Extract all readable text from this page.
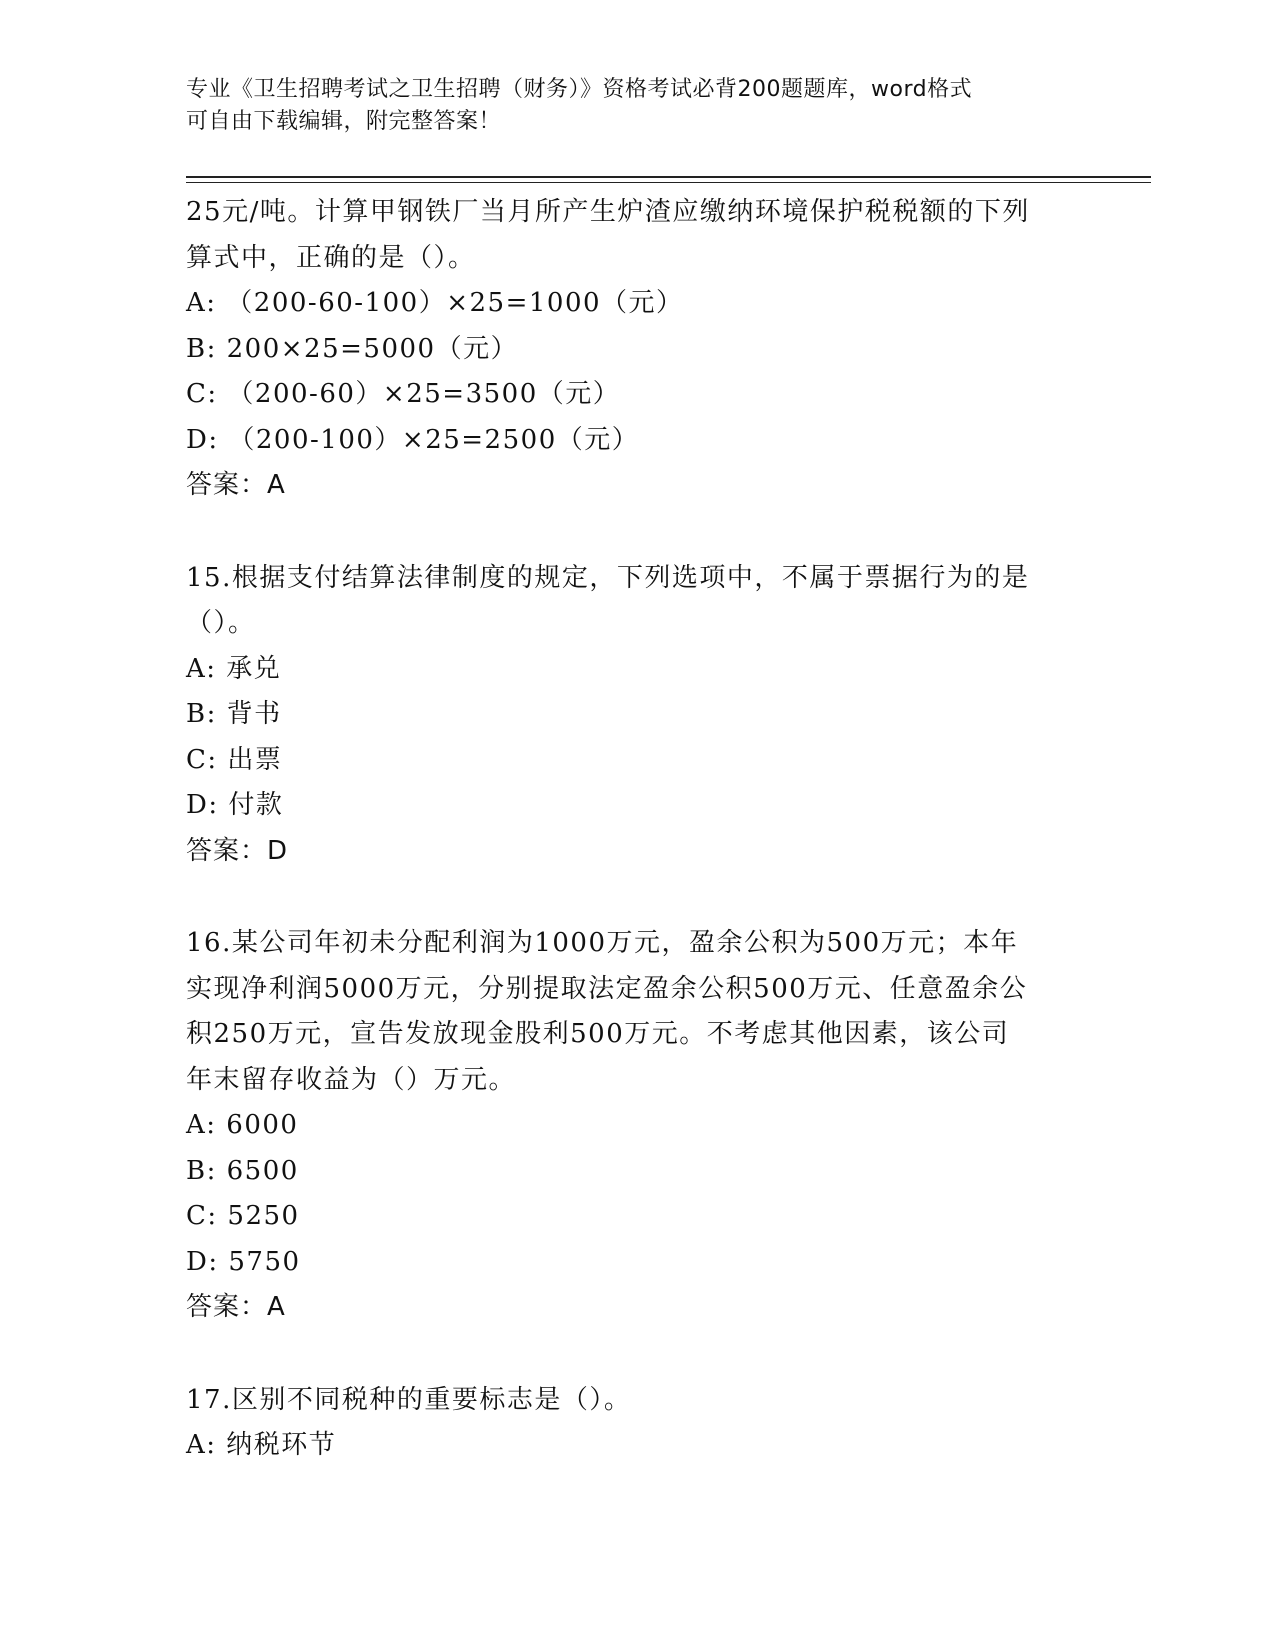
专业《卫生招聘考试之卫生招聘（财务）》资格考试必背200题题库，word格式
可自由下载编辑，附完整答案！
25元/吨。计算甲钢铁厂当月所产生炉渣应缴纳环境保护税税额的下列
算式中，正确的是（）。
A: （200-60-100）×25=1000（元）
B: 200×25=5000（元）
C: （200-60）×25=3500（元）
D: （200-100）×25=2500（元）
答案：A
15.根据支付结算法律制度的规定，下列选项中，不属于票据行为的是
（）。
A: 承兑
B: 背书
C: 出票
D: 付款
答案：D
16.某公司年初未分配利润为1000万元，盈余公积为500万元；本年
实现净利润5000万元，分别提取法定盈余公积500万元、任意盈余公
积250万元，宣告发放现金股利500万元。不考虑其他因素，该公司
年末留存收益为（）万元。
A: 6000
B: 6500
C: 5250
D: 5750
答案：A
17.区别不同税种的重要标志是（）。
A: 纳税环节
